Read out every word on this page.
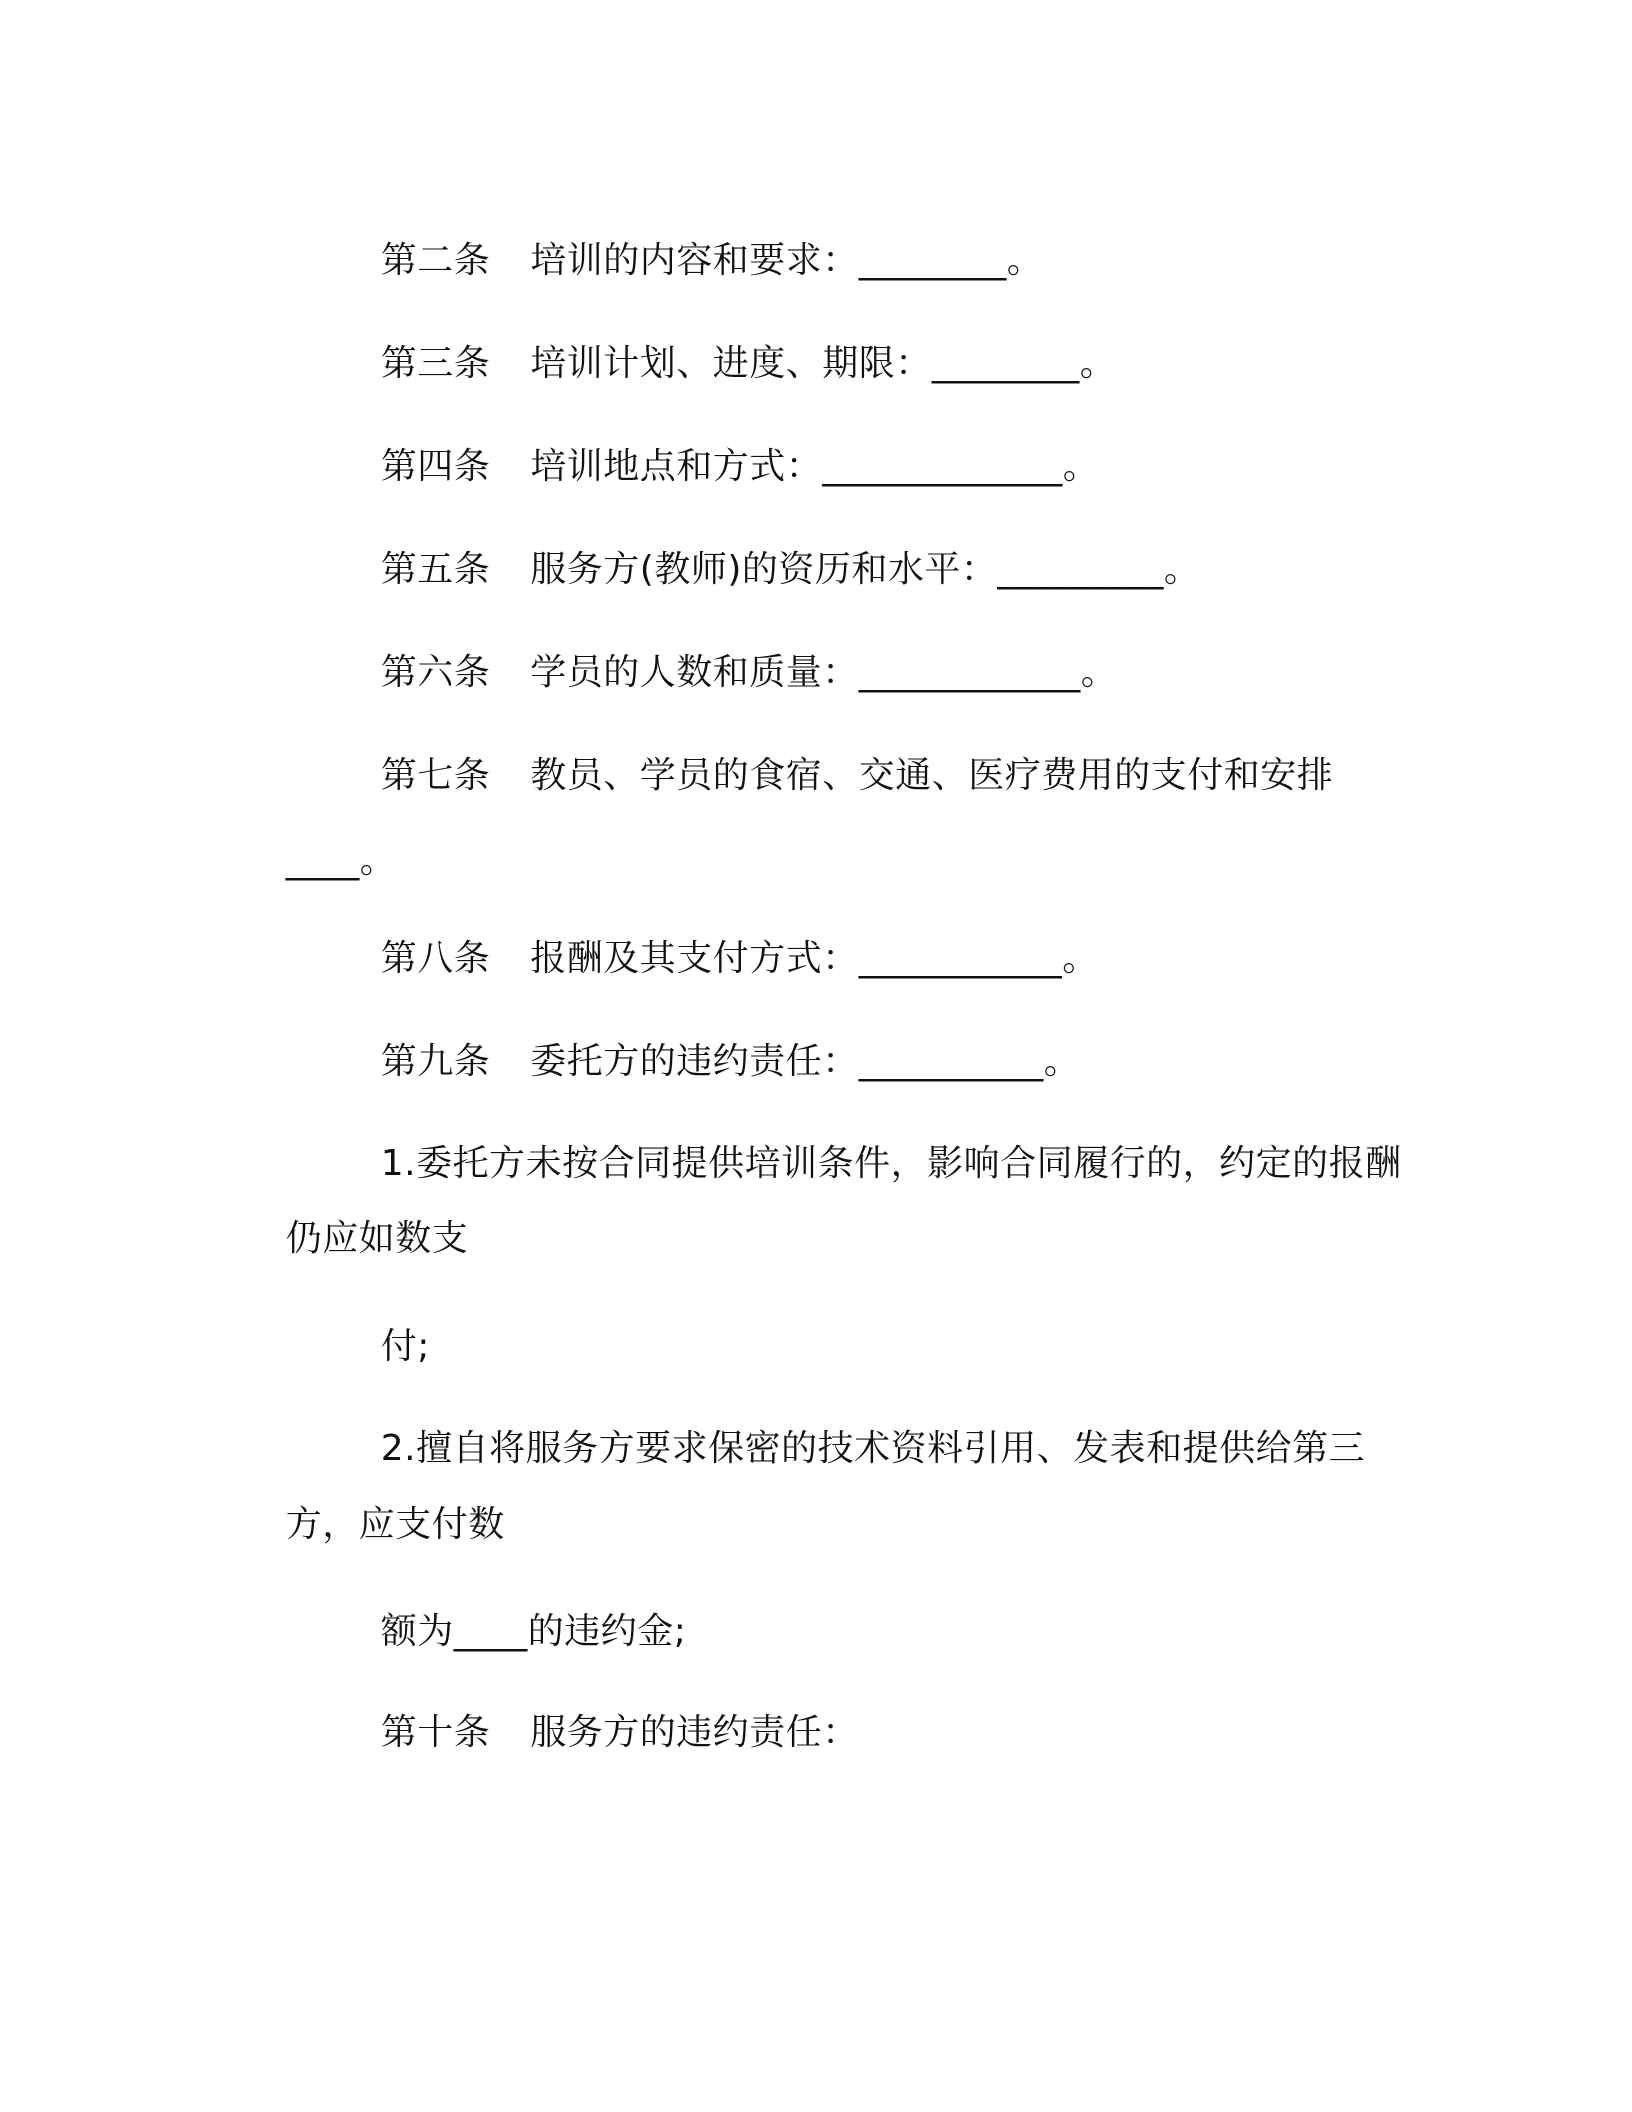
第二条 培训的内容和要求：________。

第三条 培训计划、进度、期限：________。

第四条 培训地点和方式：_____________。

第五条 服务方(教师)的资历和水平：_________。

第六条 学员的人数和质量：____________。

第七条 教员、学员的食宿、交通、医疗费用的支付和安排

____。

第八条 报酬及其支付方式：___________。

第九条 委托方的违约责任：__________。

1.委托方未按合同提供培训条件，影响合同履行的，约定的报酬

仍应如数支

付;

2.擅自将服务方要求保密的技术资料引用、发表和提供给第三

方，应支付数

额为____的违约金;

第十条 服务方的违约责任：
